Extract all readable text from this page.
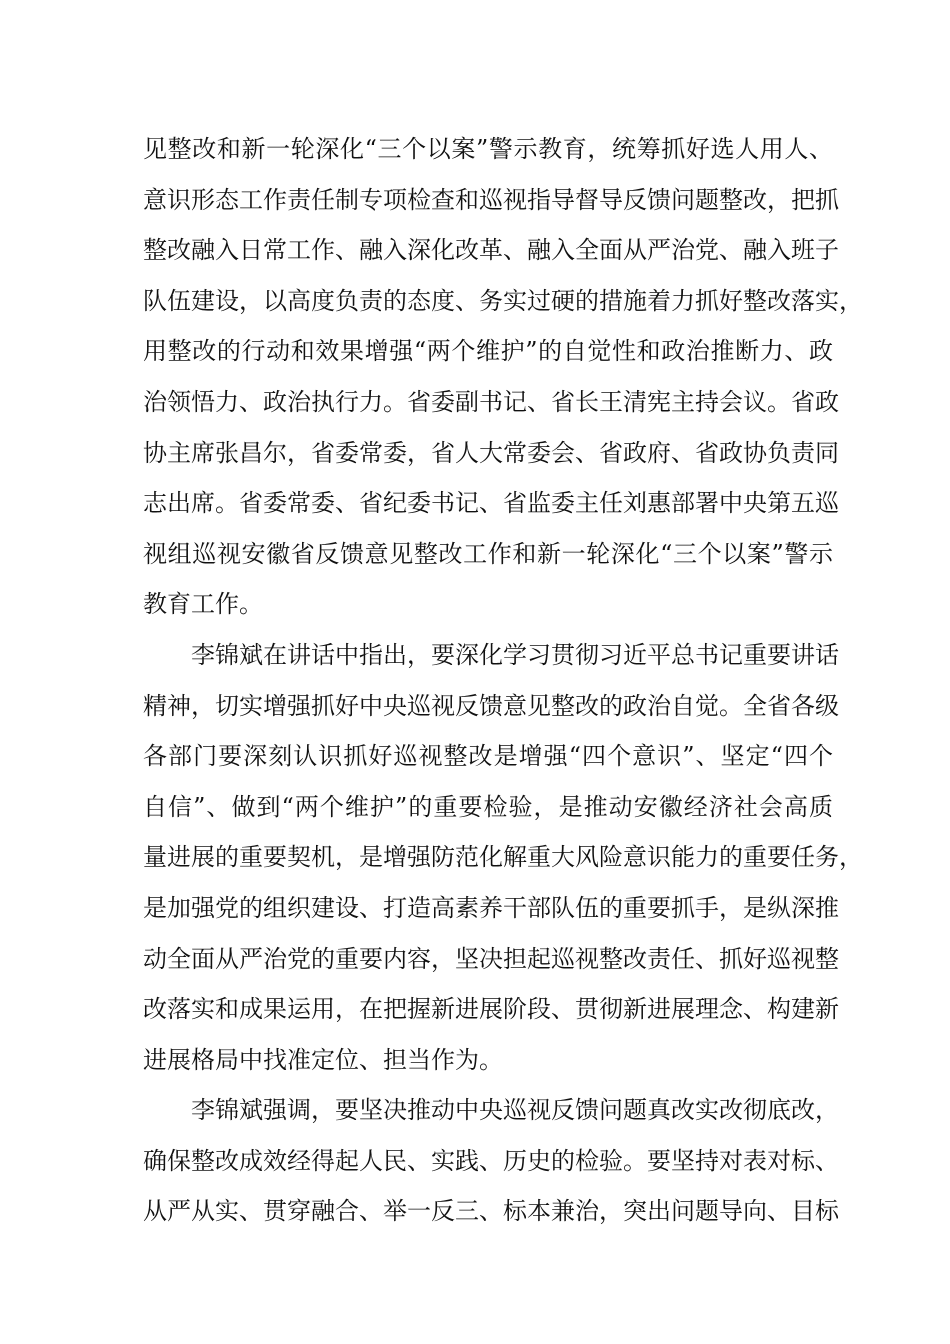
见整改和新一轮深化“三个以案”警示教育，统筹抓好选人用人、
意识形态工作责任制专项检查和巡视指导督导反馈问题整改，把抓
整改融入日常工作、融入深化改革、融入全面从严治党、融入班子
队伍建设，以高度负责的态度、务实过硬的措施着力抓好整改落实，
用整改的行动和效果增强“两个维护”的自觉性和政治推断力、政
治领悟力、政治执行力。省委副书记、省长王清宪主持会议。省政
协主席张昌尔，省委常委，省人大常委会、省政府、省政协负责同
志出席。省委常委、省纪委书记、省监委主任刘惠部署中央第五巡
视组巡视安徽省反馈意见整改工作和新一轮深化“三个以案”警示
教育工作。
李锦斌在讲话中指出，要深化学习贯彻习近平总书记重要讲话
精神，切实增强抓好中央巡视反馈意见整改的政治自觉。全省各级
各部门要深刻认识抓好巡视整改是增强“四个意识”、坚定“四个
自信”、做到“两个维护”的重要检验，是推动安徽经济社会高质
量进展的重要契机，是增强防范化解重大风险意识能力的重要任务，
是加强党的组织建设、打造高素养干部队伍的重要抓手，是纵深推
动全面从严治党的重要内容，坚决担起巡视整改责任、抓好巡视整
改落实和成果运用，在把握新进展阶段、贯彻新进展理念、构建新
进展格局中找准定位、担当作为。
李锦斌强调，要坚决推动中央巡视反馈问题真改实改彻底改，
确保整改成效经得起人民、实践、历史的检验。要坚持对表对标、
从严从实、贯穿融合、举一反三、标本兼治，突出问题导向、目标
